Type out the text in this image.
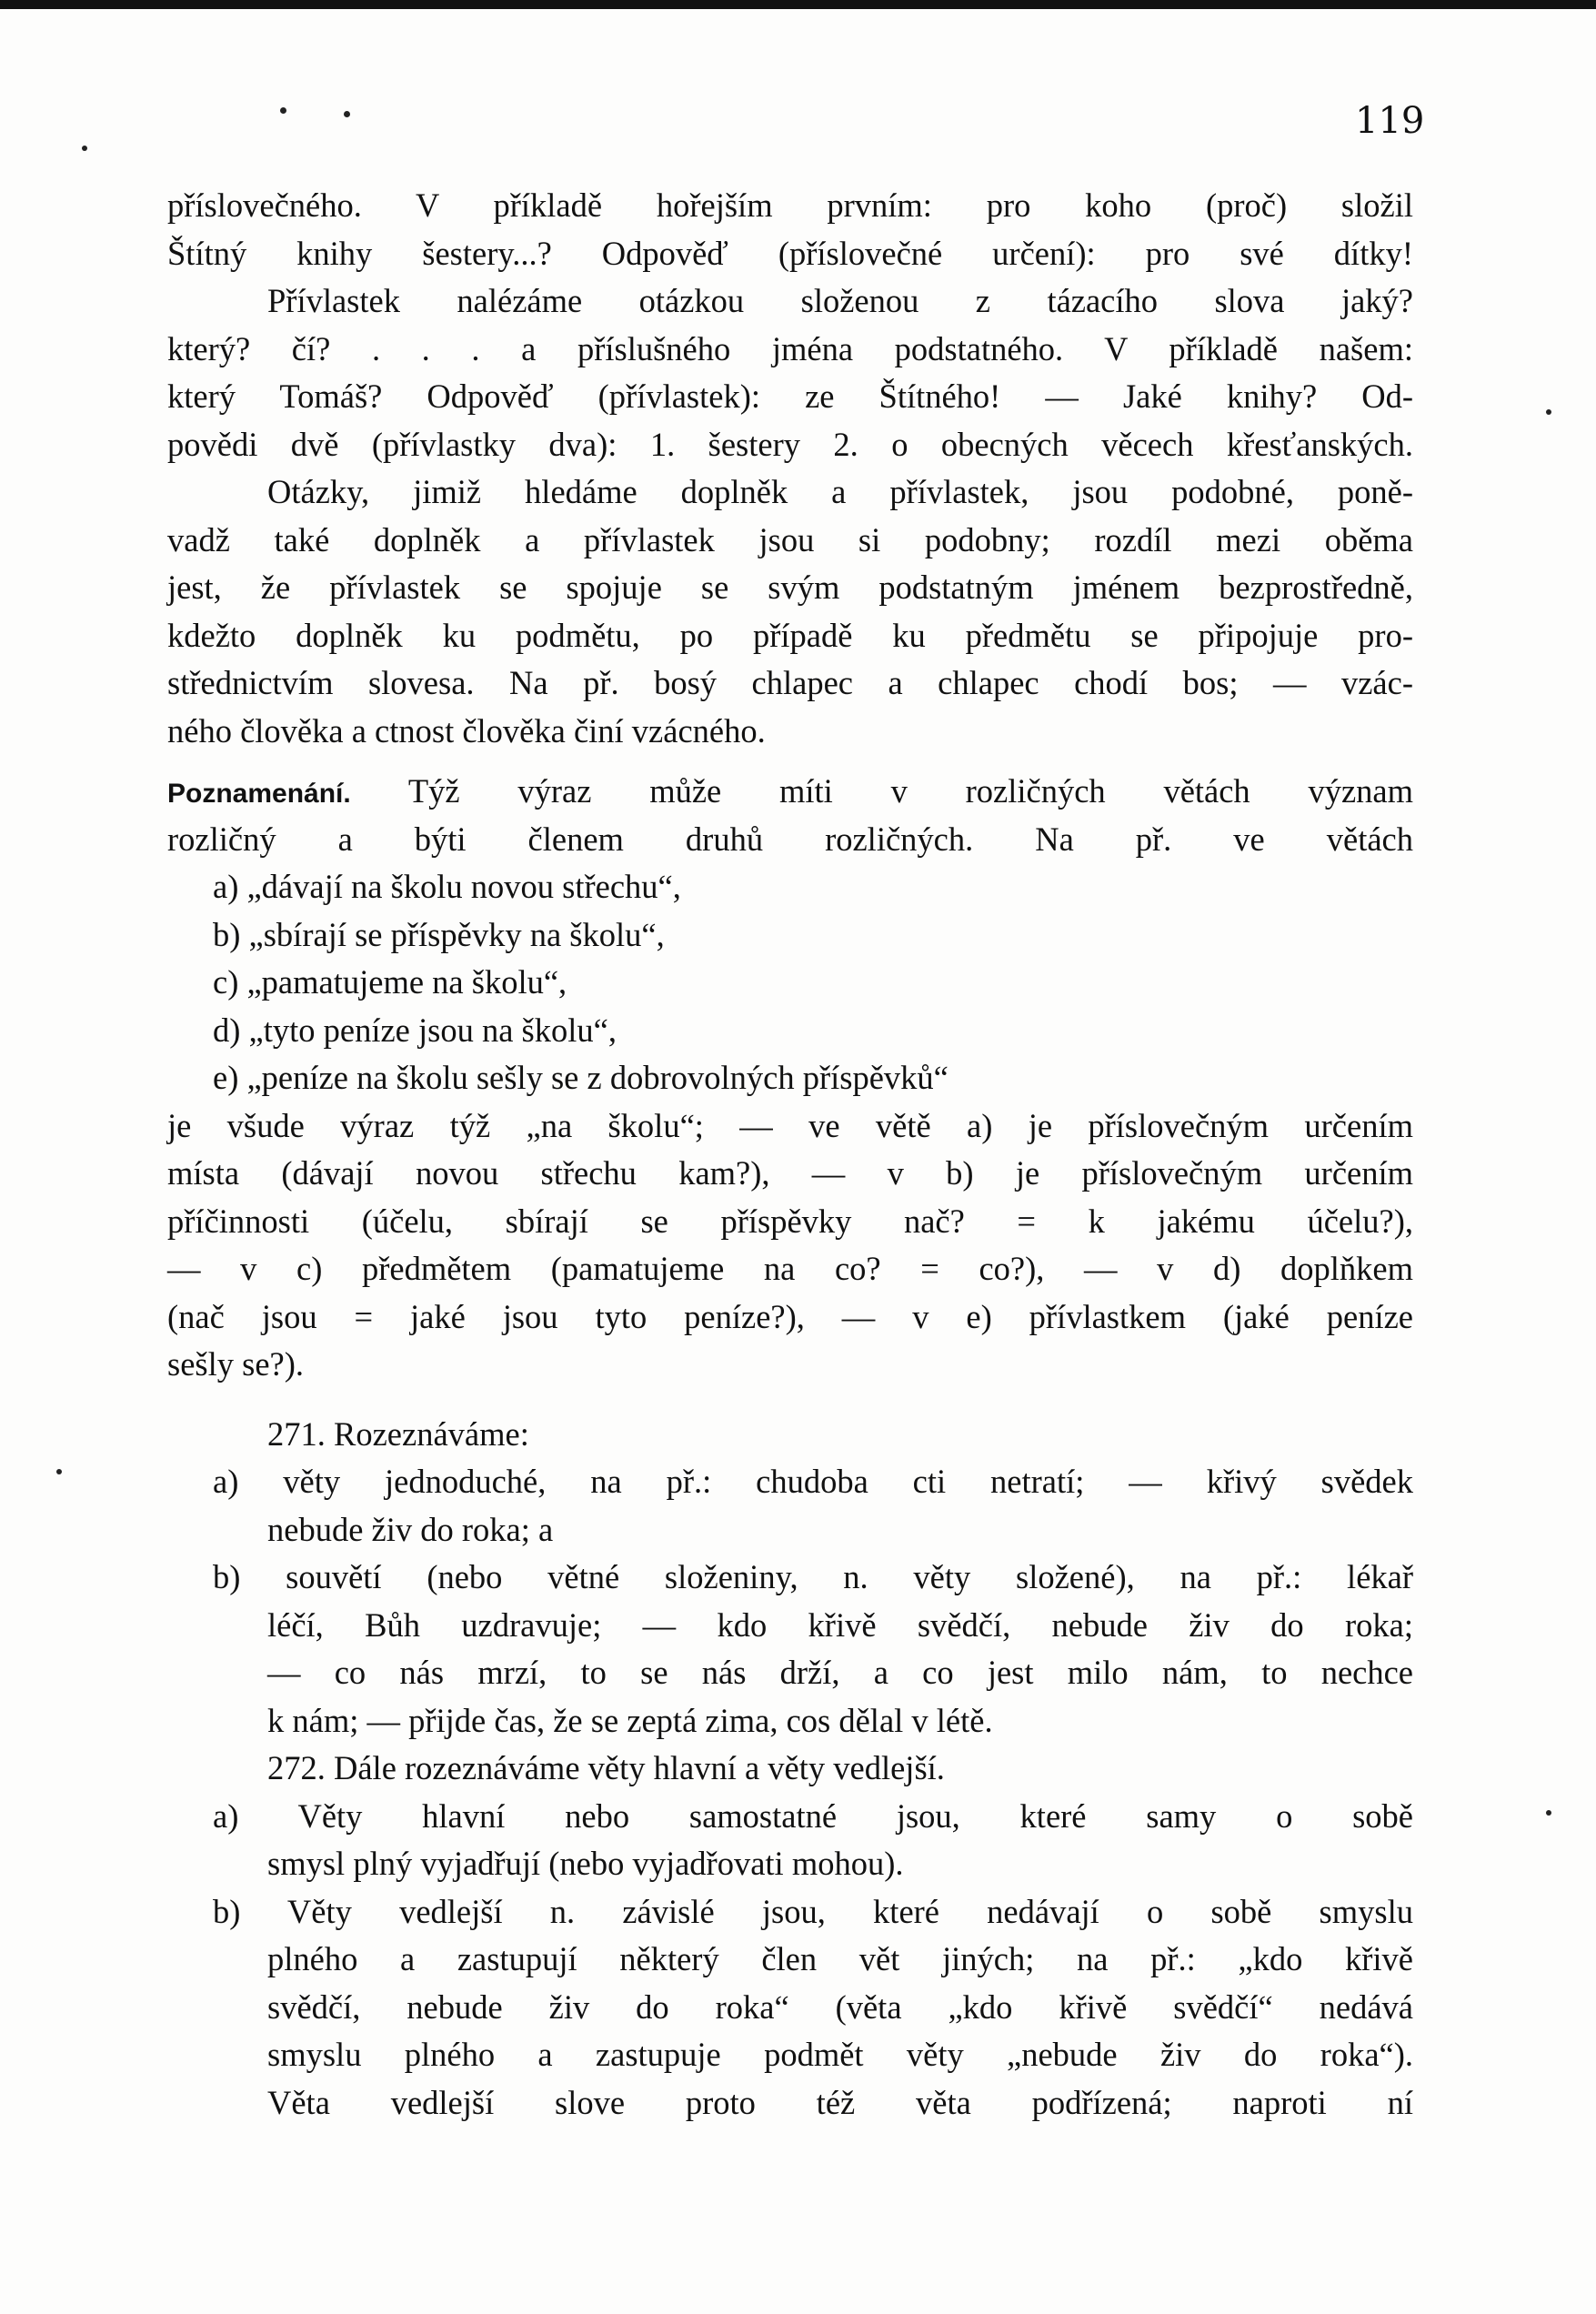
119
příslovečného. V příkladě hořejším prvním: pro koho (proč) složil
Štítný knihy šestery...? Odpověď (příslovečné určení): pro své dítky!
Přívlastek nalézáme otázkou složenou z tázacího slova jaký?
který? čí? . . . a příslušného jména podstatného. V příkladě našem:
který Tomáš? Odpověď (přívlastek): ze Štítného! — Jaké knihy? Od-
povědi dvě (přívlastky dva): 1. šestery 2. o obecných věcech křesťanských.
Otázky, jimiž hledáme doplněk a přívlastek, jsou podobné, poně-
vadž také doplněk a přívlastek jsou si podobny; rozdíl mezi oběma
jest, že přívlastek se spojuje se svým podstatným jménem bezprostředně,
kdežto doplněk ku podmětu, po případě ku předmětu se připojuje pro-
střednictvím slovesa. Na př. bosý chlapec a chlapec chodí bos; — vzác-
ného člověka a ctnost člověka činí vzácného.
Poznamenání. Týž výraz může míti v rozličných větách význam
rozličný a býti členem druhů rozličných. Na př. ve větách
a) „dávají na školu novou střechu“,
b) „sbírají se příspěvky na školu“,
c) „pamatujeme na školu“,
d) „tyto peníze jsou na školu“,
e) „peníze na školu sešly se z dobrovolných příspěvků“
je všude výraz týž „na školu“; — ve větě a) je příslovečným určením
místa (dávají novou střechu kam?), — v b) je příslovečným určením
příčinnosti (účelu, sbírají se příspěvky nač? = k jakému účelu?),
— v c) předmětem (pamatujeme na co? = co?), — v d) doplňkem
(nač jsou = jaké jsou tyto peníze?), — v e) přívlastkem (jaké peníze
sešly se?).
271. Rozeznáváme:
a) věty jednoduché, na př.: chudoba cti netratí; — křivý svědek
nebude živ do roka; a
b) souvětí (nebo větné složeniny, n. věty složené), na př.: lékař
léčí, Bůh uzdravuje; — kdo křivě svědčí, nebude živ do roka;
— co nás mrzí, to se nás drží, a co jest milo nám, to nechce
k nám; — přijde čas, že se zeptá zima, cos dělal v létě.
272. Dále rozeznáváme věty hlavní a věty vedlejší.
a) Věty hlavní nebo samostatné jsou, které samy o sobě
smysl plný vyjadřují (nebo vyjadřovati mohou).
b) Věty vedlejší n. závislé jsou, které nedávají o sobě smyslu
plného a zastupují některý člen vět jiných; na př.: „kdo křivě
svědčí, nebude živ do roka“ (věta „kdo křivě svědčí“ nedává
smyslu plného a zastupuje podmět věty „nebude živ do roka“).
Věta vedlejší slove proto též věta podřízená; naproti ní
